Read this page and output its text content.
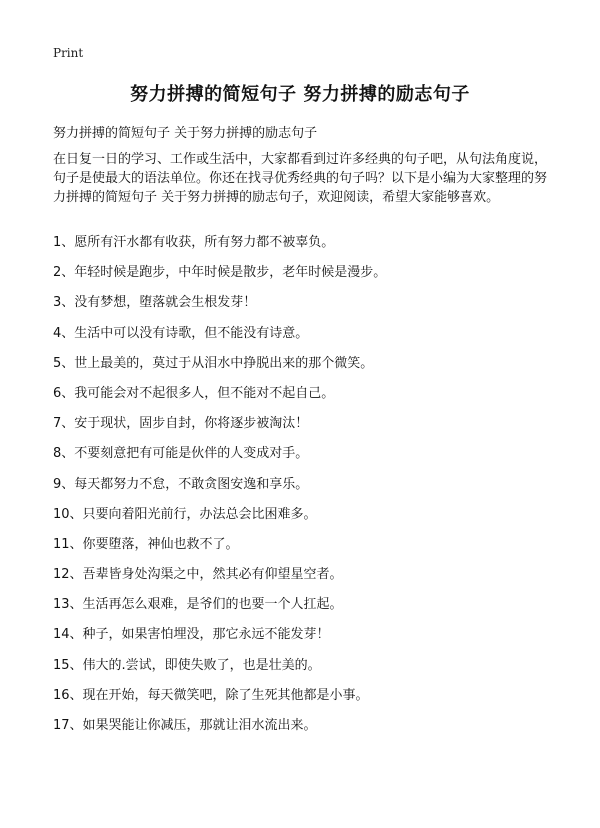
Print
努力拼搏的简短句子 努力拼搏的励志句子

努力拼搏的简短句子 关于努力拼搏的励志句子

在日复一日的学习、工作或生活中，大家都看到过许多经典的句子吧，从句法角度说，句子是使最大的语法单位。你还在找寻优秀经典的句子吗？以下是小编为大家整理的努力拼搏的简短句子 关于努力拼搏的励志句子，欢迎阅读，希望大家能够喜欢。

1、愿所有汗水都有收获，所有努力都不被辜负。
2、年轻时候是跑步，中年时候是散步，老年时候是漫步。
3、没有梦想，堕落就会生根发芽！
4、生活中可以没有诗歌，但不能没有诗意。
5、世上最美的，莫过于从泪水中挣脱出来的那个微笑。
6、我可能会对不起很多人，但不能对不起自己。
7、安于现状，固步自封，你将逐步被淘汰！
8、不要刻意把有可能是伙伴的人变成对手。
9、每天都努力不怠，不敢贪图安逸和享乐。
10、只要向着阳光前行，办法总会比困难多。
11、你要堕落，神仙也救不了。
12、吾辈皆身处沟渠之中，然其必有仰望星空者。
13、生活再怎么艰难，是爷们的也要一个人扛起。
14、种子，如果害怕埋没，那它永远不能发芽！
15、伟大的.尝试，即使失败了，也是壮美的。
16、现在开始，每天微笑吧，除了生死其他都是小事。
17、如果哭能让你减压，那就让泪水流出来。
